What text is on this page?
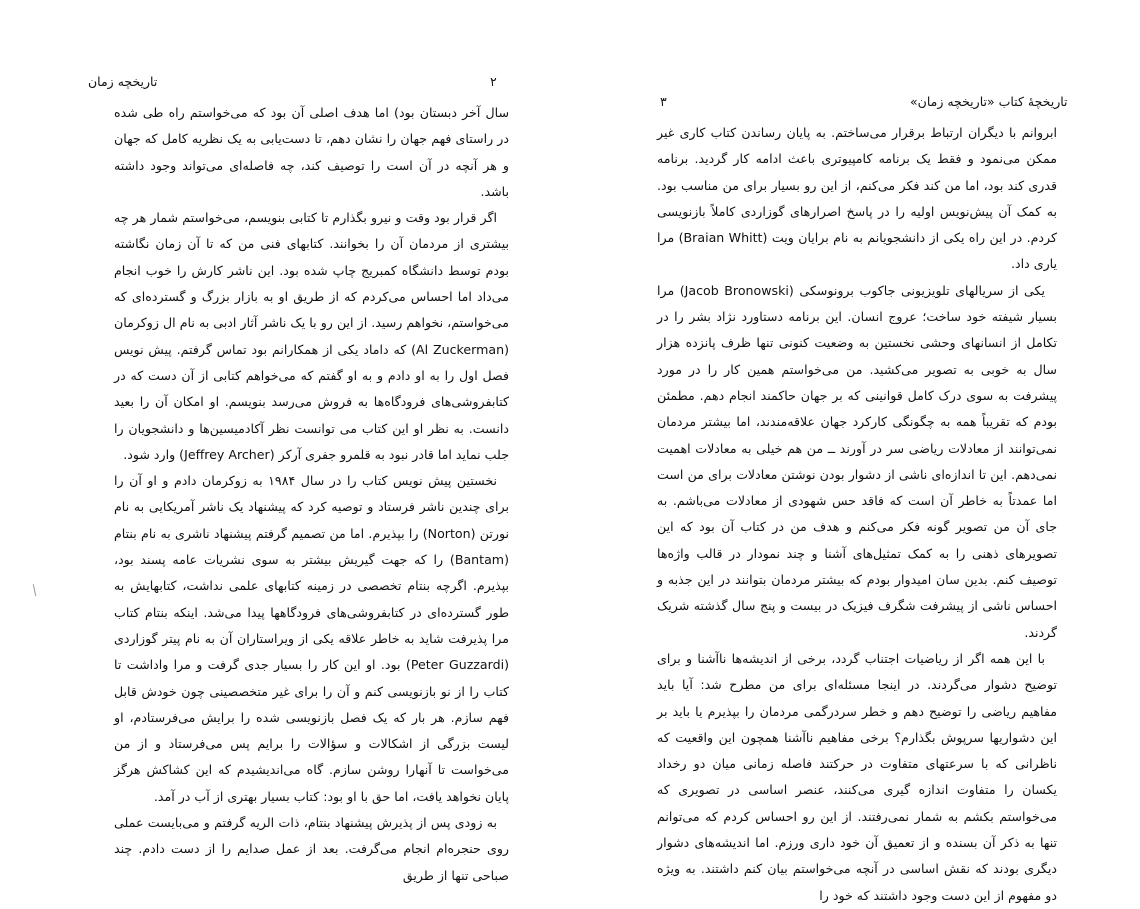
تاریخچه زمان	۲

سال آخر دبستان بود) اما هدف اصلی آن بود که می‌خواستم راه طی شده در راستای فهم جهان را نشان دهم، تا دست‌یابی به یک نظریه کامل که جهان و هر آنچه در آن است را توصیف کند، چه فاصله‌ای می‌تواند وجود داشته باشد.

اگر قرار بود وقت و نیرو بگذارم تا کتابی بنویسم، می‌خواستم شمار هر چه بیشتری از مردمان آن را بخوانند. کتابهای فنی من که تا آن زمان نگاشته بودم توسط دانشگاه کمبریج چاپ شده بود. این ناشر کارش را خوب انجام می‌داد اما احساس می‌کردم که از طریق او به بازار بزرگ و گسترده‌ای که می‌خواستم، نخواهم رسید. از این رو با یک ناشر آثار ادبی به نام ال زوکرمان (Al Zuckerman) که داماد یکی از همکارانم بود تماس گرفتم. پیش نویس فصل اول را به او دادم و به او گفتم که می‌خواهم کتابی از آن دست که در کتابفروشی‌های فرودگاه‌ها به فروش می‌رسد بنویسم. او امکان آن را بعید دانست. به نظر او این کتاب می توانست نظر آکادمیسین‌ها و دانشجویان را جلب نماید اما قادر نبود به قلمرو جفری آرکر (Jeffrey Archer) وارد شود.

نخستین پیش نویس کتاب را در سال ۱۹۸۴ به زوکرمان دادم و او آن را برای چندین ناشر فرستاد و توصیه کرد که پیشنهاد یک ناشر آمریکایی به نام نورتن (Norton) را بپذیرم. اما من تصمیم گرفتم پیشنهاد ناشری به نام بنتام (Bantam) را که جهت گیریش بیشتر به سوی نشریات عامه پسند بود، بپذیرم. اگرچه بنتام تخصصی در زمینه کتابهای علمی نداشت، کتابهایش به طور گسترده‌ای در کتابفروشی‌های فرودگاهها پیدا می‌شد. اینکه بنتام کتاب مرا پذیرفت شاید به خاطر علاقه یکی از ویراستاران آن به نام پیتر گوزاردی (Peter Guzzardi) بود. او این کار را بسیار جدی گرفت و مرا واداشت تا کتاب را از نو بازنویسی کنم و آن را برای غیر متخصصینی چون خودش قابل فهم سازم. هر بار که یک فصل بازنویسی شده را برایش می‌فرستادم، او لیست بزرگی از اشکالات و سؤالات را برایم پس می‌فرستاد و از من می‌خواست تا آنهارا روشن سازم. گاه می‌اندیشیدم که این کشاکش هرگز پایان نخواهد یافت، اما حق با او بود: کتاب بسیار بهتری از آب در آمد.

به زودی پس از پذیرش پیشنهاد بنتام، ذات الریه گرفتم و می‌بایست عملی روی حنجره‌ام انجام می‌گرفت. بعد از عمل صدایم را از دست دادم. چند صباحی تنها از طریق

تاریخچهٔ کتاب «تاریخچه زمان»
۳

ابروانم با دیگران ارتباط برقرار می‌ساختم. به پایان رساندن کتاب کاری غیر ممکن می‌نمود و فقط یک برنامه کامپیوتری باعث ادامه کار گردید. برنامه قدری کند بود، اما من کند فکر می‌کنم، از این رو بسیار برای من مناسب بود. به کمک آن پیش‌نویس اولیه را در پاسخ اصرارهای گوزاردی کاملاً بازنویسی کردم. در این راه یکی از دانشجویانم به نام برایان ویت (Braian Whitt) مرا یاری داد.

یکی از سریالهای تلویزیونی جاکوب برونوسکی (Jacob Bronowski) مرا بسیار شیفته خود ساخت؛ عروج انسان. این برنامه دستاورد نژاد بشر را در تکامل از انسانهای وحشی نخستین به وضعیت کنونی تنها ظرف پانزده هزار سال به خوبی به تصویر می‌کشید. من می‌خواستم همین کار را در مورد پیشرفت به سوی درک کامل قوانینی که بر جهان حاکمند انجام دهم. مطمئن بودم که تقریباً همه به چگونگی کارکرد جهان علاقه‌مندند، اما بیشتر مردمان نمی‌توانند از معادلات ریاضی سر در آورند ــ من هم خیلی به معادلات اهمیت نمی‌دهم. این تا اندازه‌ای ناشی از دشوار بودن نوشتن معادلات برای من است اما عمدتاً به خاطر آن است که فاقد حس شهودی از معادلات می‌باشم. به جای آن من تصویر گونه فکر می‌کنم و هدف من در کتاب آن بود که این تصویرهای ذهنی را به کمک تمثیل‌های آشنا و چند نمودار در قالب واژه‌ها توصیف کنم. بدین سان امیدوار بودم که بیشتر مردمان بتوانند در این جذبه و احساس ناشی از پیشرفت شگرف فیزیک در بیست و پنج سال گذشته شریک گردند.

با این همه اگر از ریاضیات اجتناب گردد، برخی از اندیشه‌ها ناآشنا و برای توضیح دشوار می‌گردند. در اینجا مسئله‌ای برای من مطرح شد: آیا باید مفاهیم ریاضی را توضیح دهم و خطر سردرگمی مردمان را بپذیرم یا باید بر این دشواریها سرپوش بگذارم؟ برخی مفاهیم ناآشنا همچون این واقعیت که ناظرانی که با سرعتهای متفاوت در حرکتند فاصله زمانی میان دو رخداد یکسان را متفاوت اندازه گیری می‌کنند، عنصر اساسی در تصویری که می‌خواستم بکشم به شمار نمی‌رفتند. از این رو احساس کردم که می‌توانم تنها به ذکر آن بسنده و از تعمیق آن خود داری ورزم. اما اندیشه‌های دشوار دیگری بودند که نقش اساسی در آنچه می‌خواستم بیان کنم داشتند. به ویژه دو مفهوم از این دست وجود داشتند که خود را
